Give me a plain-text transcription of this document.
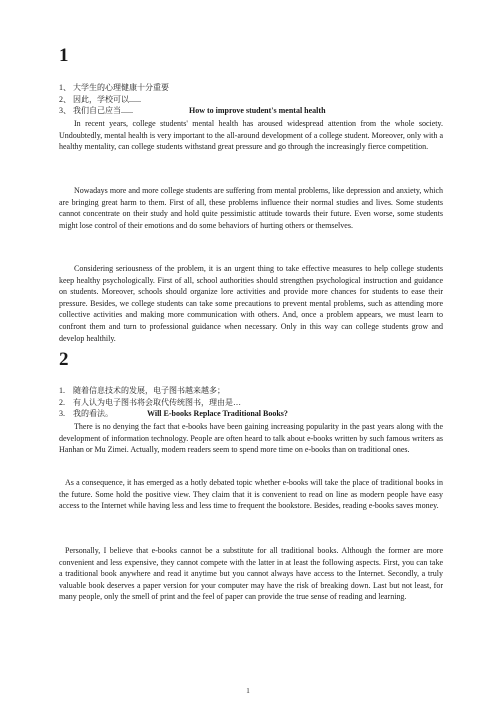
1
1、 大学生的心理健康十分重要
2、 因此，学校可以......
3、 我们自己应当......	How to improve student's mental health

In recent years, college students' mental health has aroused widespread attention from the whole society. Undoubtedly, mental health is very important to the all-around development of a college student. Moreover, only with a healthy mentality, can college students withstand great pressure and go through the increasingly fierce competition.

Nowadays more and more college students are suffering from mental problems, like depression and anxiety, which are bringing great harm to them. First of all, these problems influence their normal studies and lives. Some students cannot concentrate on their study and hold quite pessimistic attitude towards their future. Even worse, some students might lose control of their emotions and do some behaviors of hurting others or themselves.

Considering seriousness of the problem, it is an urgent thing to take effective measures to help college students keep healthy psychologically. First of all, school authorities should strengthen psychological instruction and guidance on students. Moreover, schools should organize lore activities and provide more chances for students to ease their pressure. Besides, we college students can take some precautions to prevent mental problems, such as attending more collective activities and making more communication with others. And, once a problem appears, we must learn to confront them and turn to professional guidance when necessary. Only in this way can college students grow and develop healthily.

2
1. 随着信息技术的发展，电子图书越来越多；
2. 有人认为电子图书将会取代传统图书，理由是…
3. 我的看法。	Will E-books Replace Traditional Books?

There is no denying the fact that e-books have been gaining increasing popularity in the past years along with the development of information technology. People are often heard to talk about e-books written by such famous writers as Hanhan or Mu Zimei. Actually, modern readers seem to spend more time on e-books than on traditional ones.

As a consequence, it has emerged as a hotly debated topic whether e-books will take the place of traditional books in the future. Some hold the positive view. They claim that it is convenient to read on line as modern people have easy access to the Internet while having less and less time to frequent the bookstore. Besides, reading e-books saves money.

Personally, I believe that e-books cannot be a substitute for all traditional books. Although the former are more convenient and less expensive, they cannot compete with the latter in at least the following aspects. First, you can take a traditional book anywhere and read it anytime but you cannot always have access to the Internet. Secondly, a truly valuable book deserves a paper version for your computer may have the risk of breaking down. Last but not least, for many people, only the smell of print and the feel of paper can provide the true sense of reading and learning.

1
